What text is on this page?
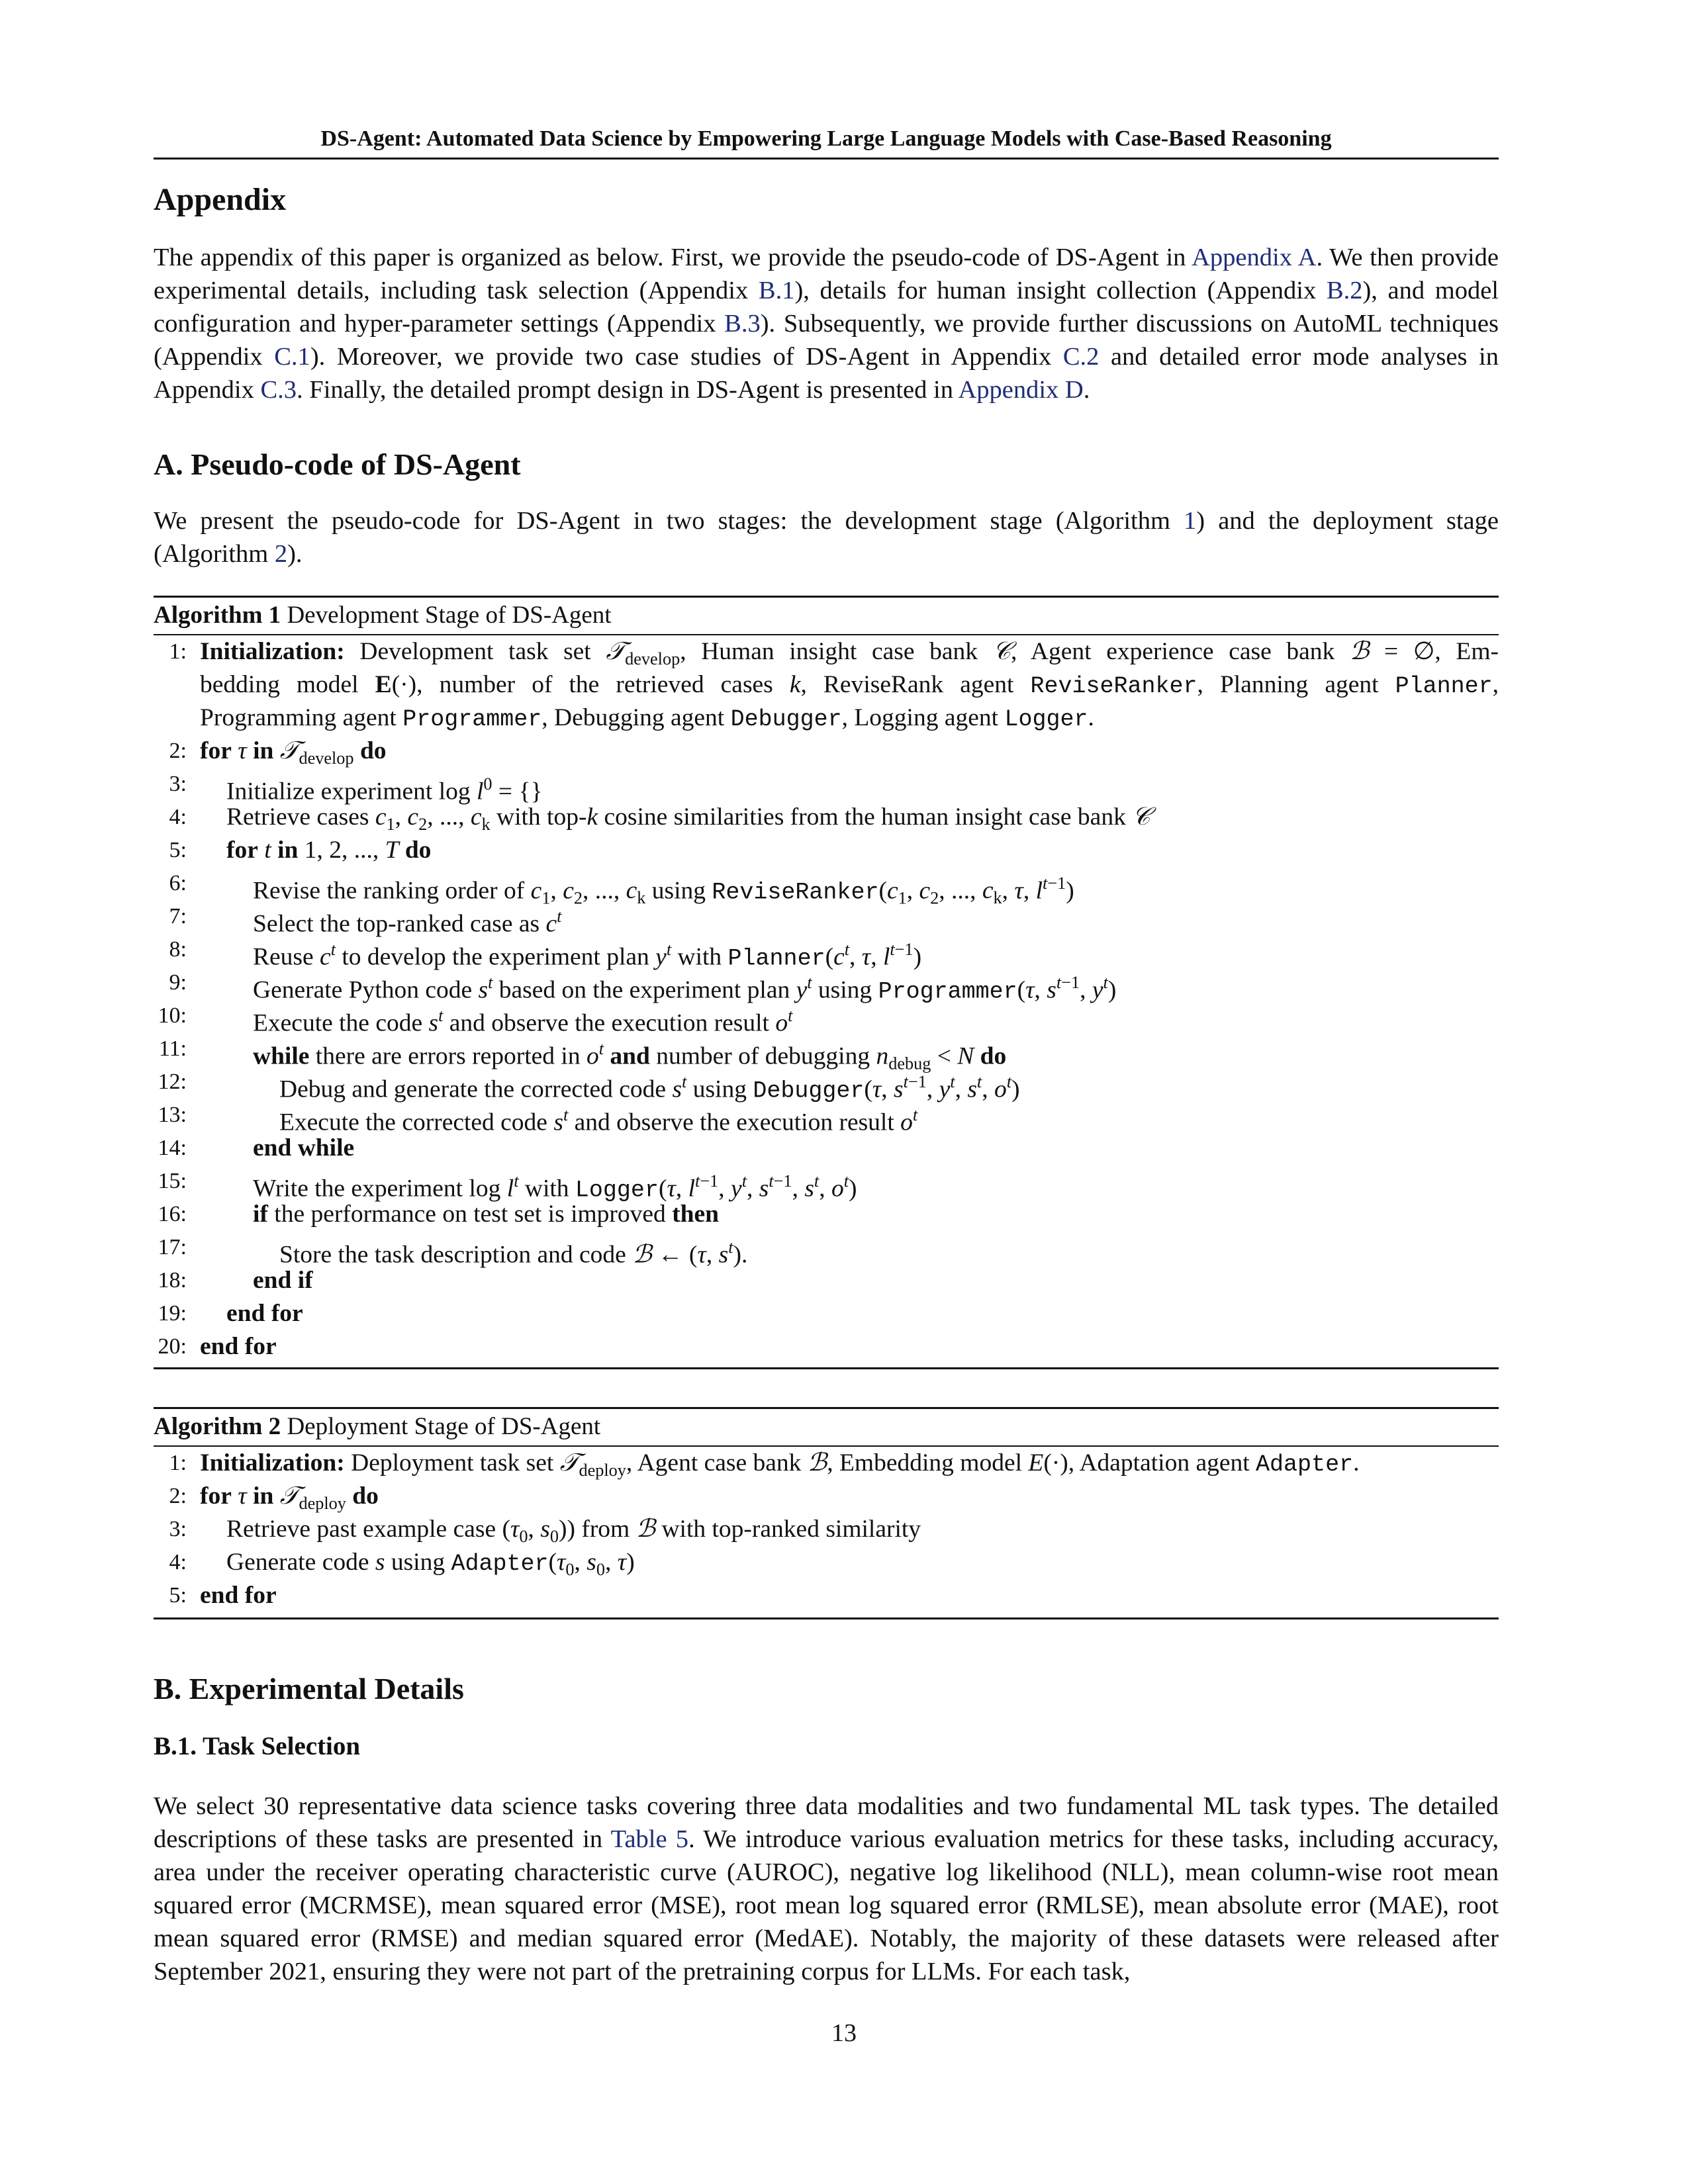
DS-Agent: Automated Data Science by Empowering Large Language Models with Case-Based Reasoning
Appendix

The appendix of this paper is organized as below. First, we provide the pseudo-code of DS-Agent in Appendix A. We then provide experimental details, including task selection (Appendix B.1), details for human insight collection (Appendix B.2), and model configuration and hyper-parameter settings (Appendix B.3). Subsequently, we provide further discussions on AutoML techniques (Appendix C.1). Moreover, we provide two case studies of DS-Agent in Appendix C.2 and detailed error mode analyses in Appendix C.3. Finally, the detailed prompt design in DS-Agent is presented in Appendix D.

A. Pseudo-code of DS-Agent

We present the pseudo-code for DS-Agent in two stages: the development stage (Algorithm 1) and the deployment stage (Algorithm 2).

Algorithm 1 Development Stage of DS-Agent
1: Initialization: Development task set 𝒯$_{develop}$, Human insight case bank 𝒞, Agent experience case bank ℬ = ∅, Em-
bedding model E(·), number of the retrieved cases k, ReviseRank agent ReviseRanker, Planning agent Planner,
Programming agent Programmer, Debugging agent Debugger, Logging agent Logger.
2: for τ in 𝒯$_{develop}$ do
3: Initialize experiment $\log l^0$ = {}
4: Retrieve cases $c_1$, $c_2$, ..., $c_k$ with top-k cosine similarities from the human insight case bank 𝒞
5: for t in 1, 2, ..., T do
6:	Revise the ranking order of $c_1$, $c_2$, ..., $c_k$ using $ReviseRanker(c_1$, $c_2$, ..., $c_k$, τ, $l^{t-1}$)
7:	Select the top-ranked case as $c^t$
8:	Reuse $c^t$ to develop the experiment plan $y^t$ with $Planner(c^t$, τ, $l^{t-1}$)
9:	Generate Python code $s^t$ based on the experiment plan $y^t$ using Programmer(τ, $s^{t-1}$, $y^t$)
10:	Execute the code $s^t$ and observe the execution result $o^t$
11:	while there are errors reported in $o^t$ and number of debugging $n_{debug} < N$ do
12:	Debug and generate the corrected code $s^t$ using Debugger(τ, $s^{t-1}$, $y^t$, $s^t$, $o^t$)
13:	Execute the corrected code $s^t$ and observe the execution result $o^t$
14:	end while
15:	Write the experiment $\log l^t$ with Logger(τ, $l^{t-1}$, $y^t$, $s^{t-1}$, $s^t$, $o^t$)
16:	if the performance on test set is improved then
17:	Store the task description and code ℬ ← (τ, $s^t$).
18:	end if
19: end for
20: end for
Algorithm 2 Deployment Stage of DS-Agent
1: Initialization: Deployment task set 𝒯$_{deploy}$, Agent case bank ℬ, Embedding model E(·), Adaptation agent Adapter.
2: for τ in 𝒯$_{deploy}$ do
3: Retrieve past example case ($\tau_0$, $s_0$)) from ℬ with top-ranked similarity
4: Generate code s using $Adapter(\tau_0$, $s_0$, τ)
5: end for
B. Experimental Details
B.1. Task Selection

We select 30 representative data science tasks covering three data modalities and two fundamental ML task types. The detailed descriptions of these tasks are presented in Table 5. We introduce various evaluation metrics for these tasks, including accuracy, area under the receiver operating characteristic curve (AUROC), negative log likelihood (NLL), mean column-wise root mean squared error (MCRMSE), mean squared error (MSE), root mean log squared error (RMLSE), mean absolute error (MAE), root mean squared error (RMSE) and median squared error (MedAE). Notably, the majority of these datasets were released after September 2021, ensuring they were not part of the pretraining corpus for LLMs. For each task,

13
